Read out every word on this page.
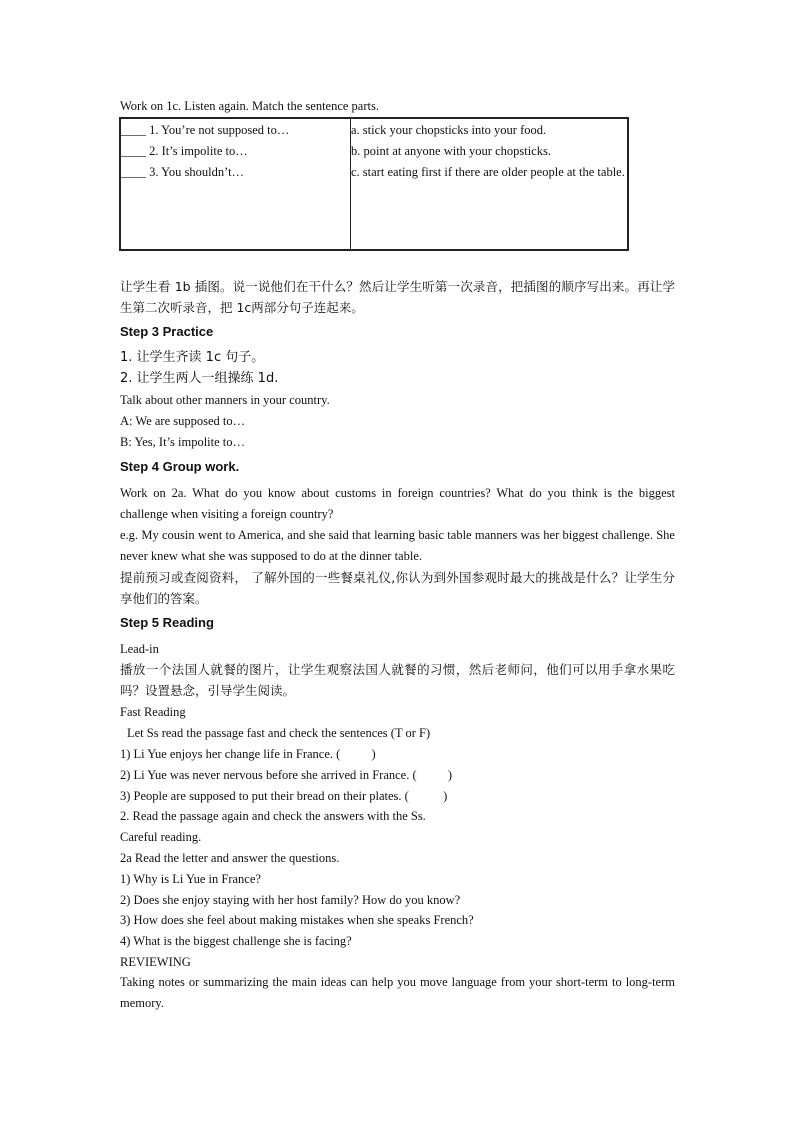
Work on 1c. Listen again. Match the sentence parts.
____ 1. You’re not supposed to…
____ 2. It’s impolite to…
____ 3. You shouldn’t…
a. stick your chopsticks into your food.
b. point at anyone with your chopsticks.
c. start eating first if there are older people at the table.
让学生看 1b 插图。说一说他们在干什么？然后让学生听第一次录音，把插图的顺序写出来。再让学生第二次听录音，把 1c两部分句子连起来。
Step 3 Practice
1. 让学生齐读 1c 句子。
2. 让学生两人一组操练 1d.
Talk about other manners in your country.
A: We are supposed to…
B: Yes, It’s impolite to…
Step 4 Group work.
Work on 2a. What do you know about customs in foreign countries? What do you think is the biggest challenge when visiting a foreign country?
e.g. My cousin went to America, and she said that learning basic table manners was her biggest challenge. She never knew what she was supposed to do at the dinner table.
提前预习或查阅资料， 了解外国的一些餐桌礼仪,你认为到外国参观时最大的挑战是什么？让学生分享他们的答案。
Step 5 Reading
Lead-in
播放一个法国人就餐的图片，让学生观察法国人就餐的习惯，然后老师问，他们可以用手拿水果吃吗？设置悬念，引导学生阅读。
Fast Reading
Let Ss read the passage fast and check the sentences (T or F)
1) Li Yue enjoys her change life in France. (          )
2) Li Yue was never nervous before she arrived in France. (          )
3) People are supposed to put their bread on their plates. (           )
2. Read the passage again and check the answers with the Ss.
Careful reading.
2a Read the letter and answer the questions.
1) Why is Li Yue in France?
2) Does she enjoy staying with her host family? How do you know?
3) How does she feel about making mistakes when she speaks French?
4) What is the biggest challenge she is facing?
REVIEWING
Taking notes or summarizing the main ideas can help you move language from your short-term to long-term memory.
